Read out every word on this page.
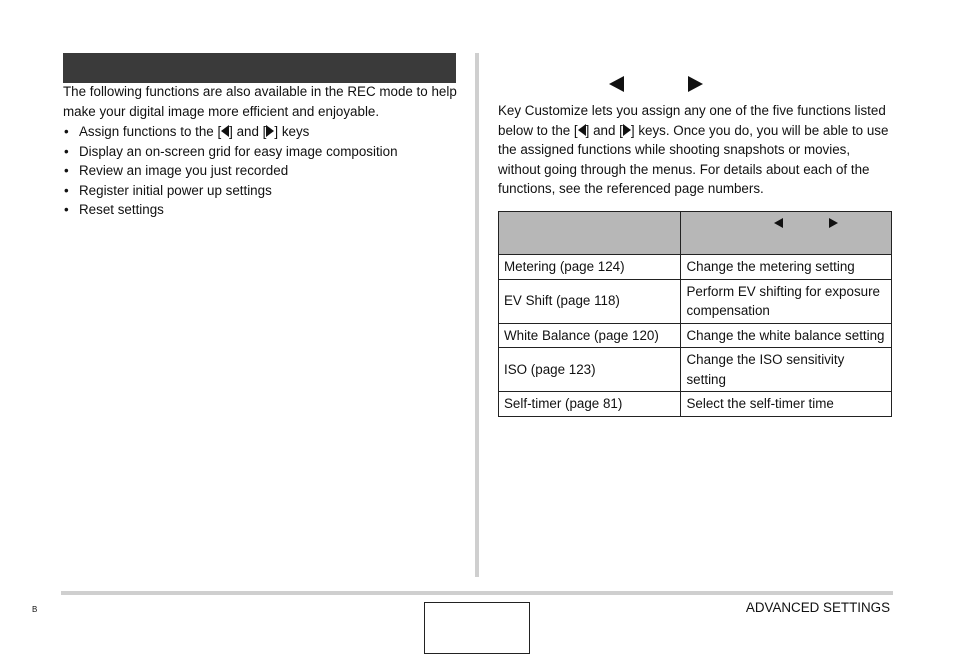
The following functions are also available in the REC mode to help make your digital image more efficient and enjoyable.

• Assign functions to the [ ] and [ ] keys
• Display an on-screen grid for easy image composition
• Review an image you just recorded
• Register initial power up settings
• Reset settings

Key Customize lets you assign any one of the five functions listed below to the [ ] and [ ] keys. Once you do, you will be able to use the assigned functions while shooting snapshots or movies, without going through the menus. For details about each of the functions, see the referenced page numbers.

Metering (page 124)	Change the metering setting
EV Shift (page 118)	Perform EV shifting for exposure compensation
White Balance (page 120)	Change the white balance setting
ISO (page 123)	Change the ISO sensitivity setting
Self-timer (page 81)	Select the self-timer time
B	ADVANCED SETTINGS
